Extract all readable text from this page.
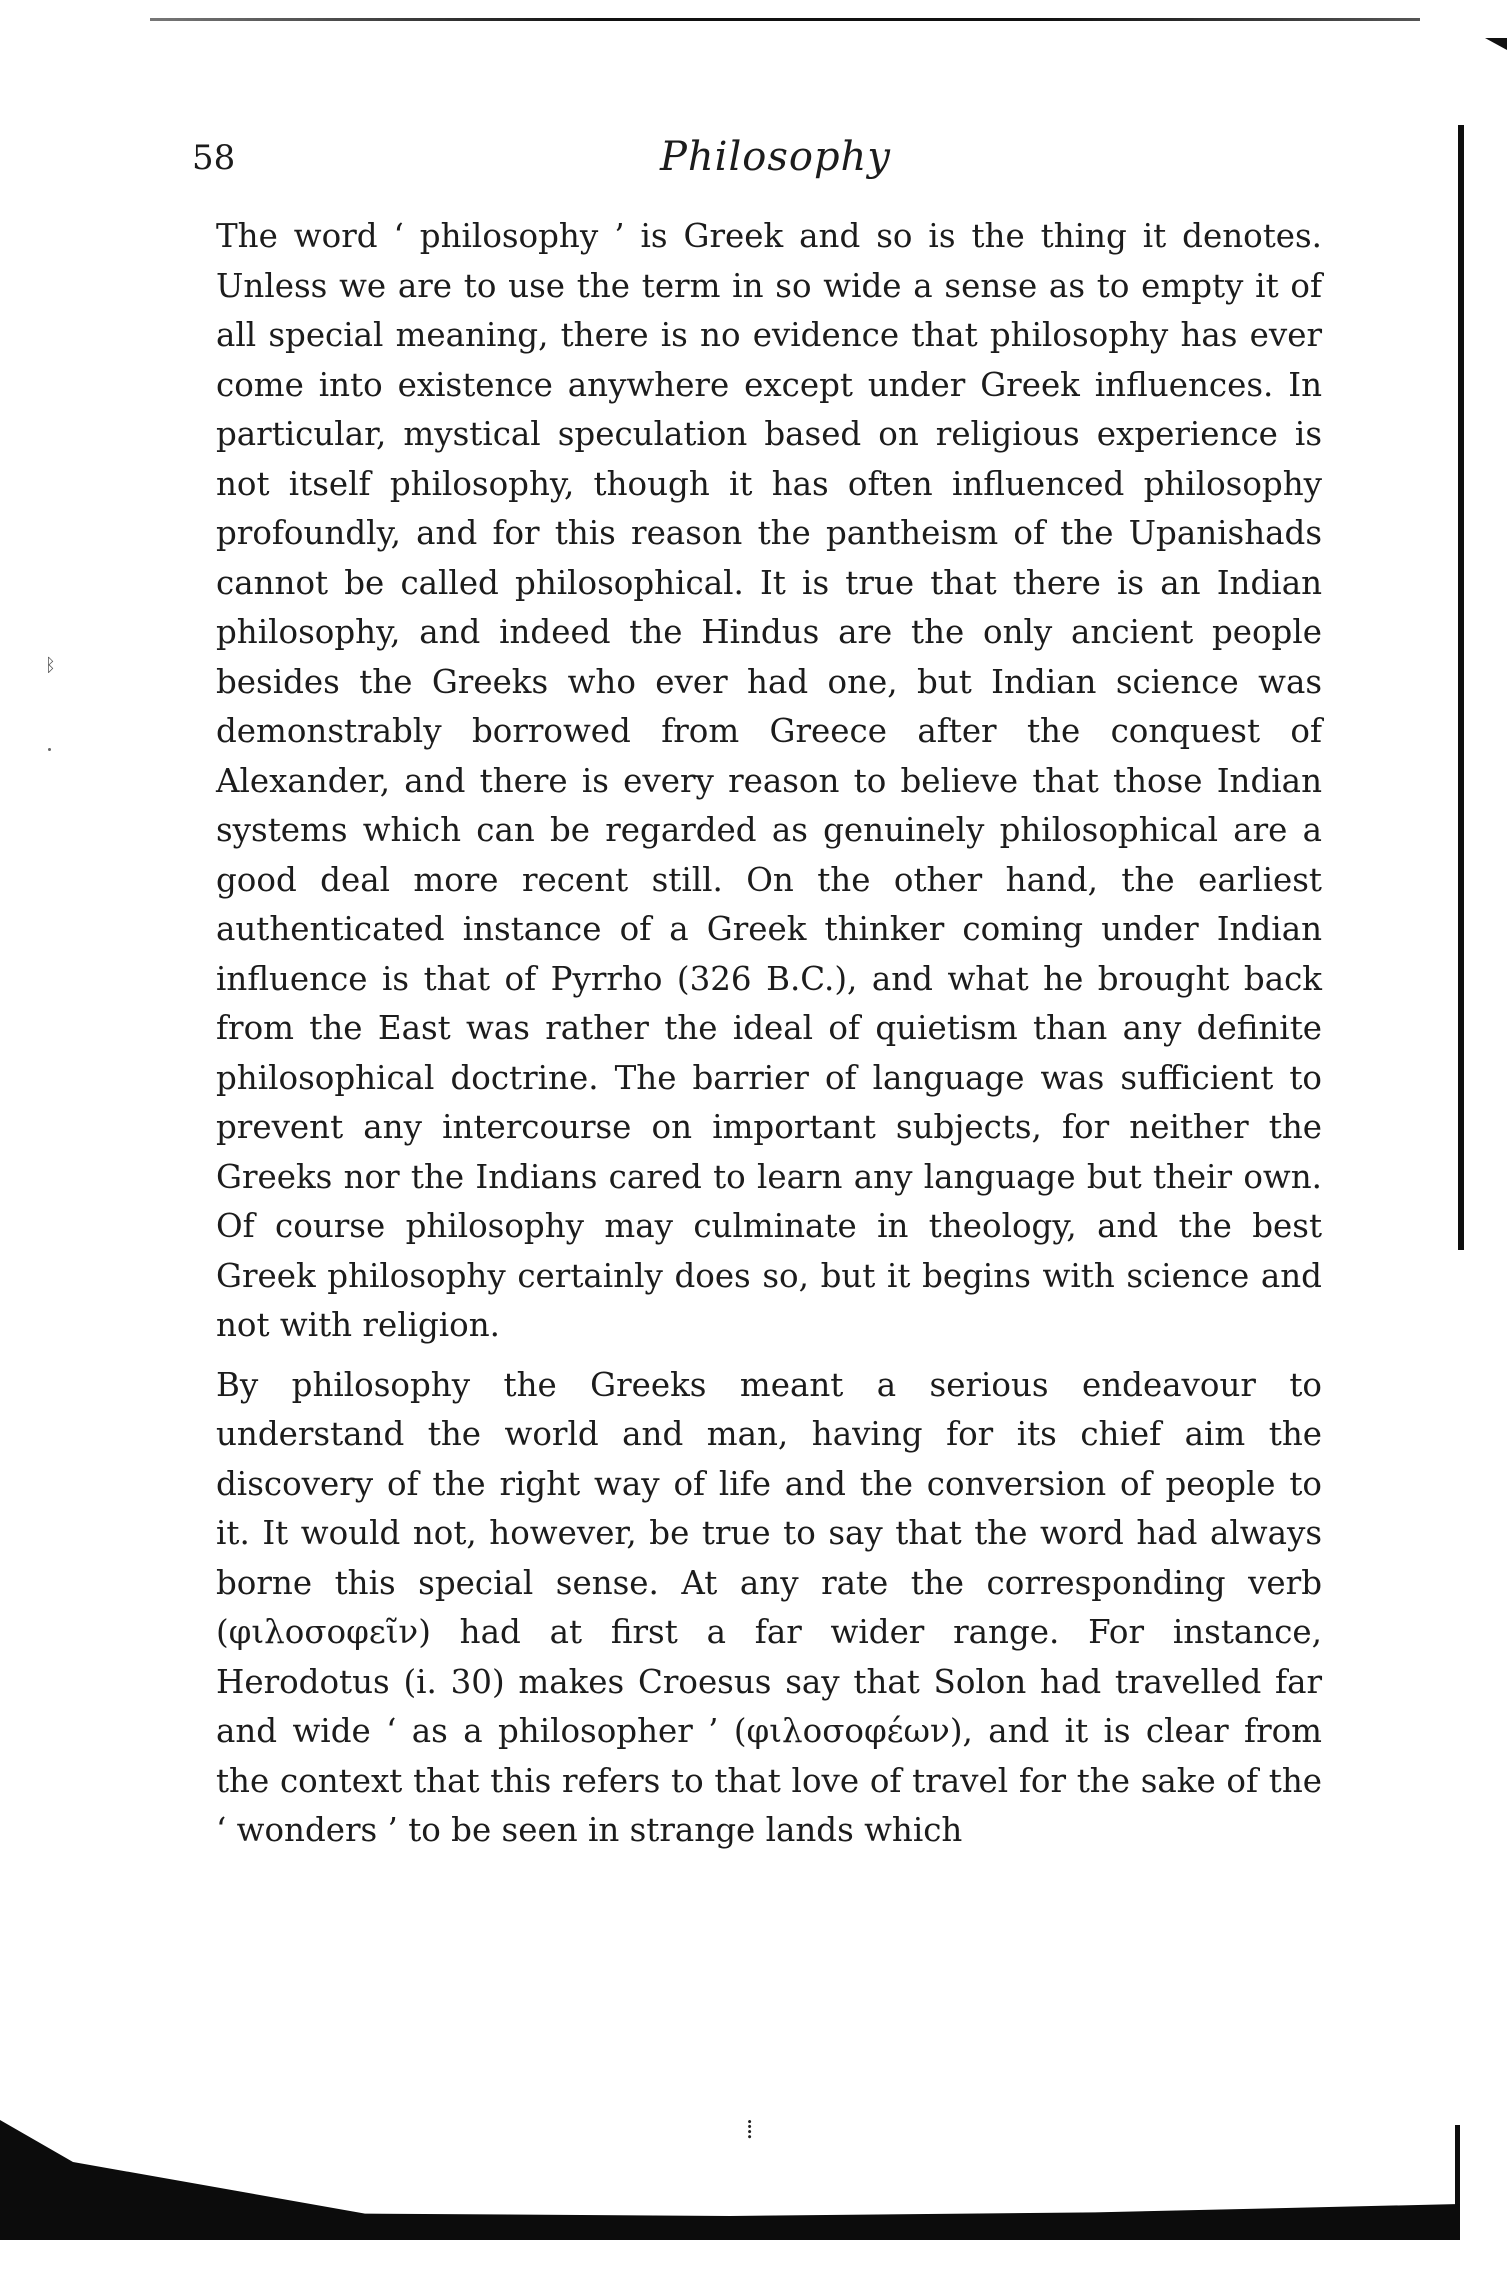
ᛒ
⁞
58	Philosophy

The word ‘ philosophy ’ is Greek and so is the thing it denotes. Unless we are to use the term in so wide a sense as to empty it of all special meaning, there is no evidence that philosophy has ever come into existence anywhere except under Greek influences. In particular, mystical speculation based on religious experience is not itself philosophy, though it has often influenced philosophy profoundly, and for this reason the pantheism of the Upanishads cannot be called philosophical. It is true that there is an Indian philosophy, and indeed the Hindus are the only ancient people besides the Greeks who ever had one, but Indian science was demonstrably borrowed from Greece after the conquest of Alexander, and there is every reason to believe that those Indian systems which can be regarded as genuinely philosophical are a good deal more recent still. On the other hand, the earliest authenticated instance of a Greek thinker coming under Indian influence is that of Pyrrho (326 B.C.), and what he brought back from the East was rather the ideal of quietism than any definite philosophical doctrine. The barrier of language was sufficient to prevent any intercourse on important subjects, for neither the Greeks nor the Indians cared to learn any language but their own. Of course philosophy may culminate in theology, and the best Greek philosophy certainly does so, but it begins with science and not with religion.

By philosophy the Greeks meant a serious endeavour to understand the world and man, having for its chief aim the discovery of the right way of life and the conversion of people to it. It would not, however, be true to say that the word had always borne this special sense. At any rate the corresponding verb (φιλοσοφεῖν) had at first a far wider range. For instance, Herodotus (i. 30) makes Croesus say that Solon had travelled far and wide ‘ as a philosopher ’ (φιλοσοφέων), and it is clear from the context that this refers to that love of travel for the sake of the ‘ wonders ’ to be seen in strange lands which
